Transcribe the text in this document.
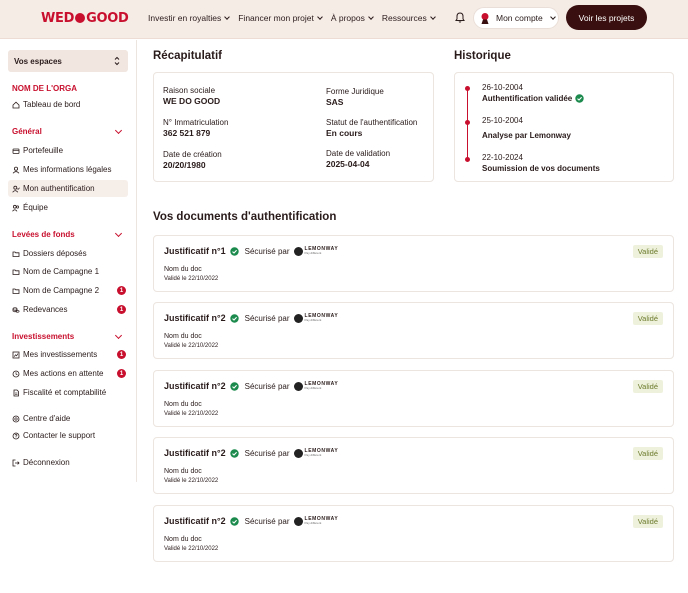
WED GOOD Investir en royalties Financer mon projet À propos Ressources	Mon compte	Voir les projets
Vos espaces
NOM DE L'ORGA
Tableau de bord
Général
Portefeuille
Mes informations légales
Mon authentification
Équipe
Levées de fonds
Dossiers déposés
Nom de Campagne 1
Nom de Campagne 2	1
Redevances	1
Investissements
Mes investissements	1
Mes actions en attente	1
Fiscalité et comptabilité
Centre d'aide
Contacter le support
Déconnexion
Récapitulatif
Raison sociale
WE DO GOOD
Forme Juridique
SAS
N° Immatriculation
362 521 879
Statut de l'authentification
En cours
Date de création
20/20/1980
Date de validation
2025-04-04
Historique
26-10-2004
Authentification validée
25-10-2004
Analyse par Lemonway
22-10-2024
Soumission de vos documents
Vos documents d'authentification
Justificatif n°1 Sécurisé par	LEMONWAY
Pay different	Validé
Nom du doc
Validé le 22/10/2022
Justificatif n°2 Sécurisé par	LEMONWAY
Pay different	Validé
Nom du doc
Validé le 22/10/2022
Justificatif n°2 Sécurisé par	LEMONWAY
Pay different	Validé
Nom du doc
Validé le 22/10/2022
Justificatif n°2 Sécurisé par	LEMONWAY
Pay different	Validé
Nom du doc
Validé le 22/10/2022
Justificatif n°2 Sécurisé par	LEMONWAY
Pay different	Validé
Nom du doc
Validé le 22/10/2022
